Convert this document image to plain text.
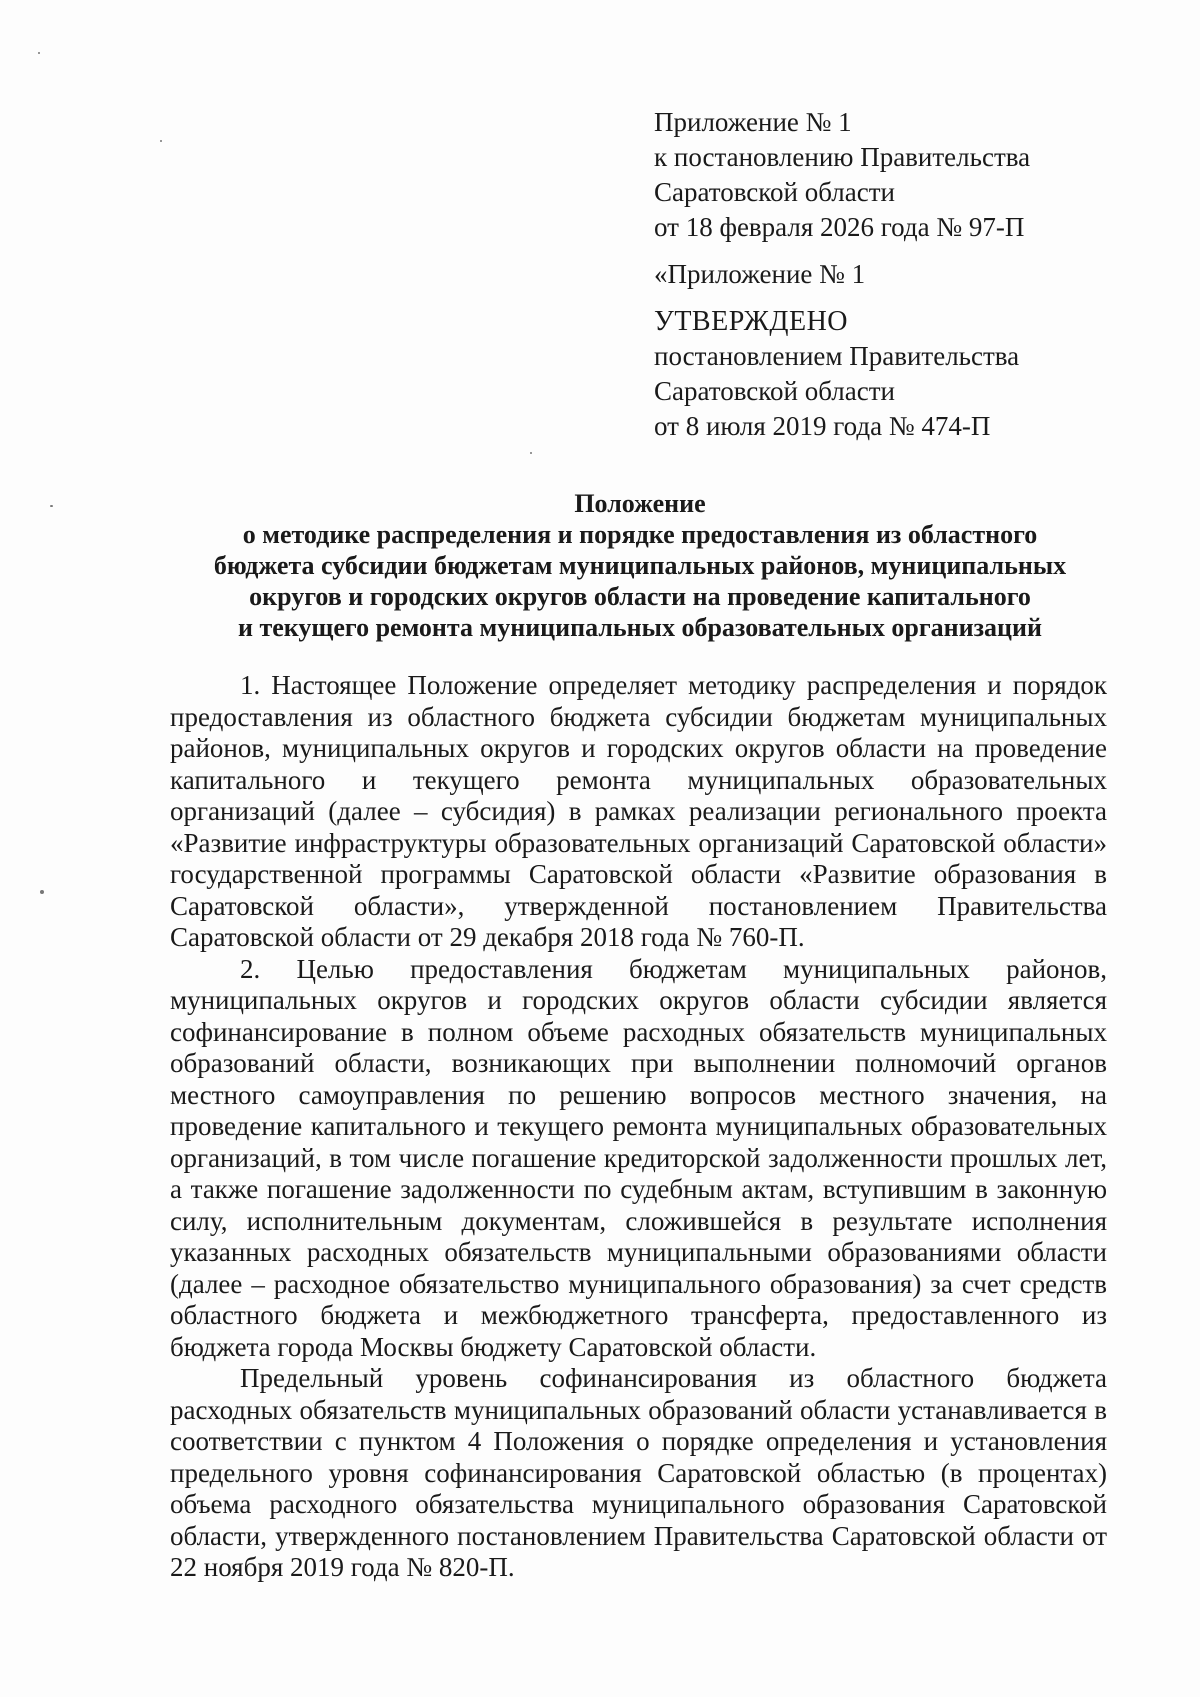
Приложение № 1
к постановлению Правительства
Саратовской области
от 18 февраля 2026 года № 97-П
«Приложение № 1
УТВЕРЖДЕНО
постановлением Правительства
Саратовской области
от 8 июля 2019 года № 474-П
Положение
о методике распределения и порядке предоставления из областного
бюджета субсидии бюджетам муниципальных районов, муниципальных
округов и городских округов области на проведение капитального
и текущего ремонта муниципальных образовательных организаций

1. Настоящее Положение определяет методику распределения и порядок предоставления из областного бюджета субсидии бюджетам муниципальных районов, муниципальных округов и городских округов области на проведение капитального и текущего ремонта муниципальных образовательных организаций (далее – субсидия) в рамках реализации регионального проекта «Развитие инфраструктуры образовательных организаций Саратовской области» государственной программы Саратовской области «Развитие образования в Саратовской области», утвержденной постановлением Правительства Саратовской области от 29 декабря 2018 года № 760-П.

2. Целью предоставления бюджетам муниципальных районов, муниципальных округов и городских округов области субсидии является софинансирование в полном объеме расходных обязательств муниципальных образований области, возникающих при выполнении полномочий органов местного самоуправления по решению вопросов местного значения, на проведение капитального и текущего ремонта муниципальных образовательных организаций, в том числе погашение кредиторской задолженности прошлых лет, а также погашение задолженности по судебным актам, вступившим в законную силу, исполнительным документам, сложившейся в результате исполнения указанных расходных обязательств муниципальными образованиями области (далее – расходное обязательство муниципального образования) за счет средств областного бюджета и межбюджетного трансферта, предоставленного из бюджета города Москвы бюджету Саратовской области.

Предельный уровень софинансирования из областного бюджета расходных обязательств муниципальных образований области устанавливается в соответствии с пунктом 4 Положения о порядке определения и установления предельного уровня софинансирования Саратовской областью (в процентах) объема расходного обязательства муниципального образования Саратовской области, утвержденного постановлением Правительства Саратовской области от 22 ноября 2019 года № 820-П.
